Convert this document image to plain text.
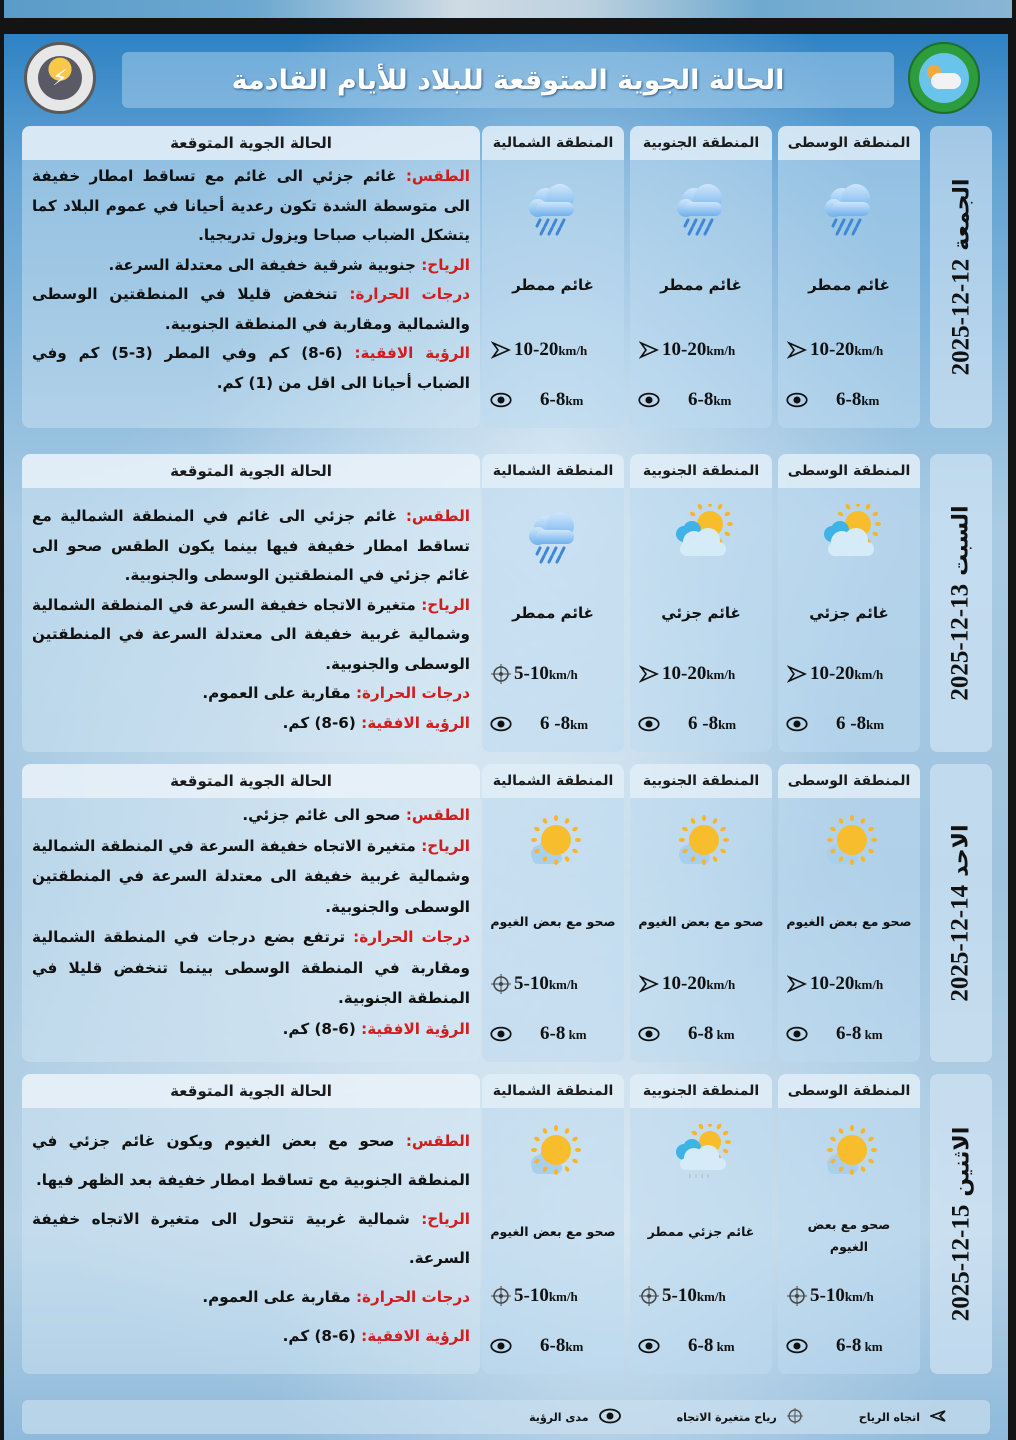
⚡	الحالة الجوية المتوقعة للبلاد للأيام القادمة
الحالة الجوية المتوقعة

الطقس: غائم جزئي الى غائم مع تساقط امطار خفيفة الى متوسطة الشدة تكون رعدية أحيانا في عموم البلاد كما يتشكل الضباب صباحا ويزول تدريجيا.

الرياح: جنوبية شرقية خفيفة الى معتدلة السرعة.

درجات الحرارة: تنخفض قليلا في المنطقتين الوسطى والشمالية ومقاربة في المنطقة الجنوبية.

الرؤية الافقية: (6-8) كم وفي المطر (3-5) كم وفي الضباب أحيانا الى اقل من (1) كم.

المنطقة الوسطى
غائم ممطر
10-20km/h
6-8km
المنطقة الجنوبية
غائم ممطر
10-20km/h
6-8km
المنطقة الشمالية
غائم ممطر
10-20km/h
6-8km
2025-12-12الجمعة
الحالة الجوية المتوقعة

الطقس: غائم جزئي الى غائم في المنطقة الشمالية مع تساقط امطار خفيفة فيها بينما يكون الطقس صحو الى غائم جزئي في المنطقتين الوسطى والجنوبية.

الرياح: متغيرة الاتجاه خفيفة السرعة في المنطقة الشمالية وشمالية غربية خفيفة الى معتدلة السرعة في المنطقتين الوسطى والجنوبية.

درجات الحرارة: مقاربة على العموم.

الرؤية الافقية: (6-8) كم.

المنطقة الوسطى
غائم جزئي
10-20km/h
6 -8km
المنطقة الجنوبية
غائم جزئي
10-20km/h
6 -8km
المنطقة الشمالية
غائم ممطر
5-10km/h
6 -8km
2025-12-13السبت
الحالة الجوية المتوقعة

الطقس: صحو الى غائم جزئي.

الرياح: متغيرة الاتجاه خفيفة السرعة في المنطقة الشمالية وشمالية غربية خفيفة الى معتدلة السرعة في المنطقتين الوسطى والجنوبية.

درجات الحرارة: ترتفع بضع درجات في المنطقة الشمالية ومقاربة في المنطقة الوسطى بينما تنخفض قليلا في المنطقة الجنوبية.

الرؤية الافقية: (6-8) كم.

المنطقة الوسطى
صحو مع بعض الغيوم
10-20km/h
6-8 km
المنطقة الجنوبية
صحو مع بعض الغيوم
10-20km/h
6-8 km
المنطقة الشمالية
صحو مع بعض الغيوم
5-10km/h
6-8 km
2025-12-14الاحد
الحالة الجوية المتوقعة

الطقس: صحو مع بعض الغيوم ويكون غائم جزئي في المنطقة الجنوبية مع تساقط امطار خفيفة بعد الظهر فيها.

الرياح: شمالية غربية تتحول الى متغيرة الاتجاه خفيفة السرعة.

درجات الحرارة: مقاربة على العموم.

الرؤية الافقية: (6-8) كم.

المنطقة الوسطى
صحو مع بعض الغيوم
5-10km/h
6-8 km
المنطقة الجنوبية
غائم جزئي ممطر
5-10km/h
6-8 km
المنطقة الشمالية
صحو مع بعض الغيوم
5-10km/h
6-8km
2025-12-15الاثنين
اتجاه الرياح
رياح متغيرة الاتجاه
مدى الرؤية
